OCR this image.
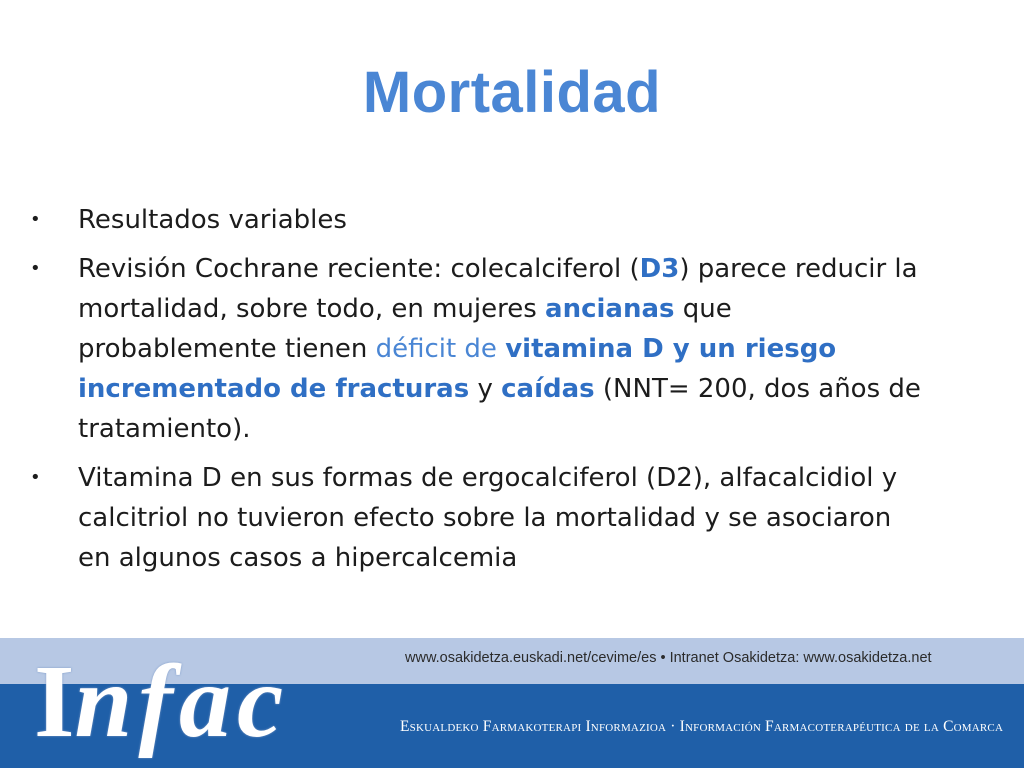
Mortalidad
• Resultados variables
• Revisión Cochrane reciente: colecalciferol (D3) parece reducir la mortalidad, sobre todo, en mujeres ancianas que probablemente tienen déficit de vitamina D y un riesgo incrementado de fracturas y caídas (NNT= 200, dos años de tratamiento).
• Vitamina D en sus formas de ergocalciferol (D2), alfacalcidiol y calcitriol no tuvieron efecto sobre la mortalidad y se asociaron en algunos casos a hipercalcemia
Infac	www.osakidetza.euskadi.net/cevime/es • Intranet Osakidetza: www.osakidetza.net
Eskualdeko Farmakoterapi Informazioa · Información Farmacoterapéutica de la Comarca
